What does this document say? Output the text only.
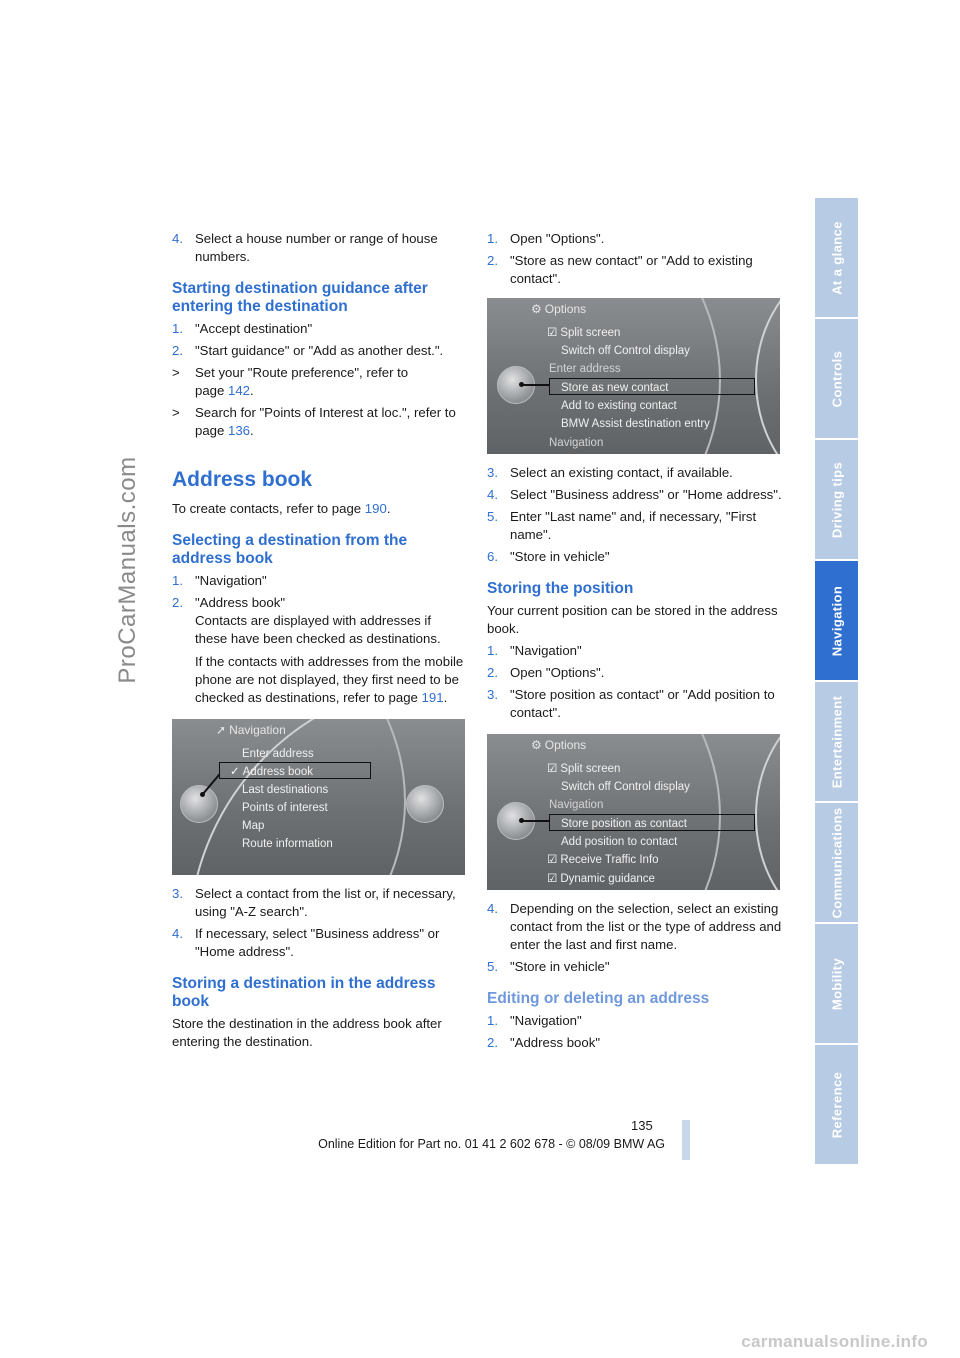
ProCarManuals.com
4. Select a house number or range of house numbers.

Starting destination guidance after entering the destination
1. "Accept destination"

2. "Start guidance" or "Add as another dest.".

> Set your "Route preference", refer to page 142.

> Search for "Points of Interest at loc.", refer to page 136.

Address book

To create contacts, refer to page 190.

Selecting a destination from the address book
1. "Navigation"

2. "Address book"
Contacts are displayed with addresses if these have been checked as destinations.

If the contacts with addresses from the mobile phone are not displayed, they first need to be checked as destinations, refer to page 191.

➚ Navigation
Enter address
✓ Address book
Last destinations
Points of interest
Map
Route information
3. Select a contact from the list or, if necessary, using "A-Z search".

4. If necessary, select "Business address" or "Home address".

Storing a destination in the address book

Store the destination in the address book after entering the destination.

1. Open "Options".

2. "Store as new contact" or "Add to existing contact".

⚙ Options
☑ Split screen
Switch off Control display
Enter address
Store as new contact
Add to existing contact
BMW Assist destination entry
Navigation
3. Select an existing contact, if available.

4. Select "Business address" or "Home address".

5. Enter "Last name" and, if necessary, "First name".

6. "Store in vehicle"

Storing the position

Your current position can be stored in the address book.

1. "Navigation"

2. Open "Options".

3. "Store position as contact" or "Add position to contact".

⚙ Options
☑ Split screen
Switch off Control display
Navigation
Store position as contact
Add position to contact
☑ Receive Traffic Info
☑ Dynamic guidance
4. Depending on the selection, select an existing contact from the list or the type of address and enter the last and first name.

5. "Store in vehicle"

Editing or deleting an address
1. "Navigation"

2. "Address book"

At a glance
Controls
Driving tips
Navigation
Entertainment
Communications
Mobility
Reference
135
Online Edition for Part no. 01 41 2 602 678 - © 08/09 BMW AG
carmanualsonline.info
